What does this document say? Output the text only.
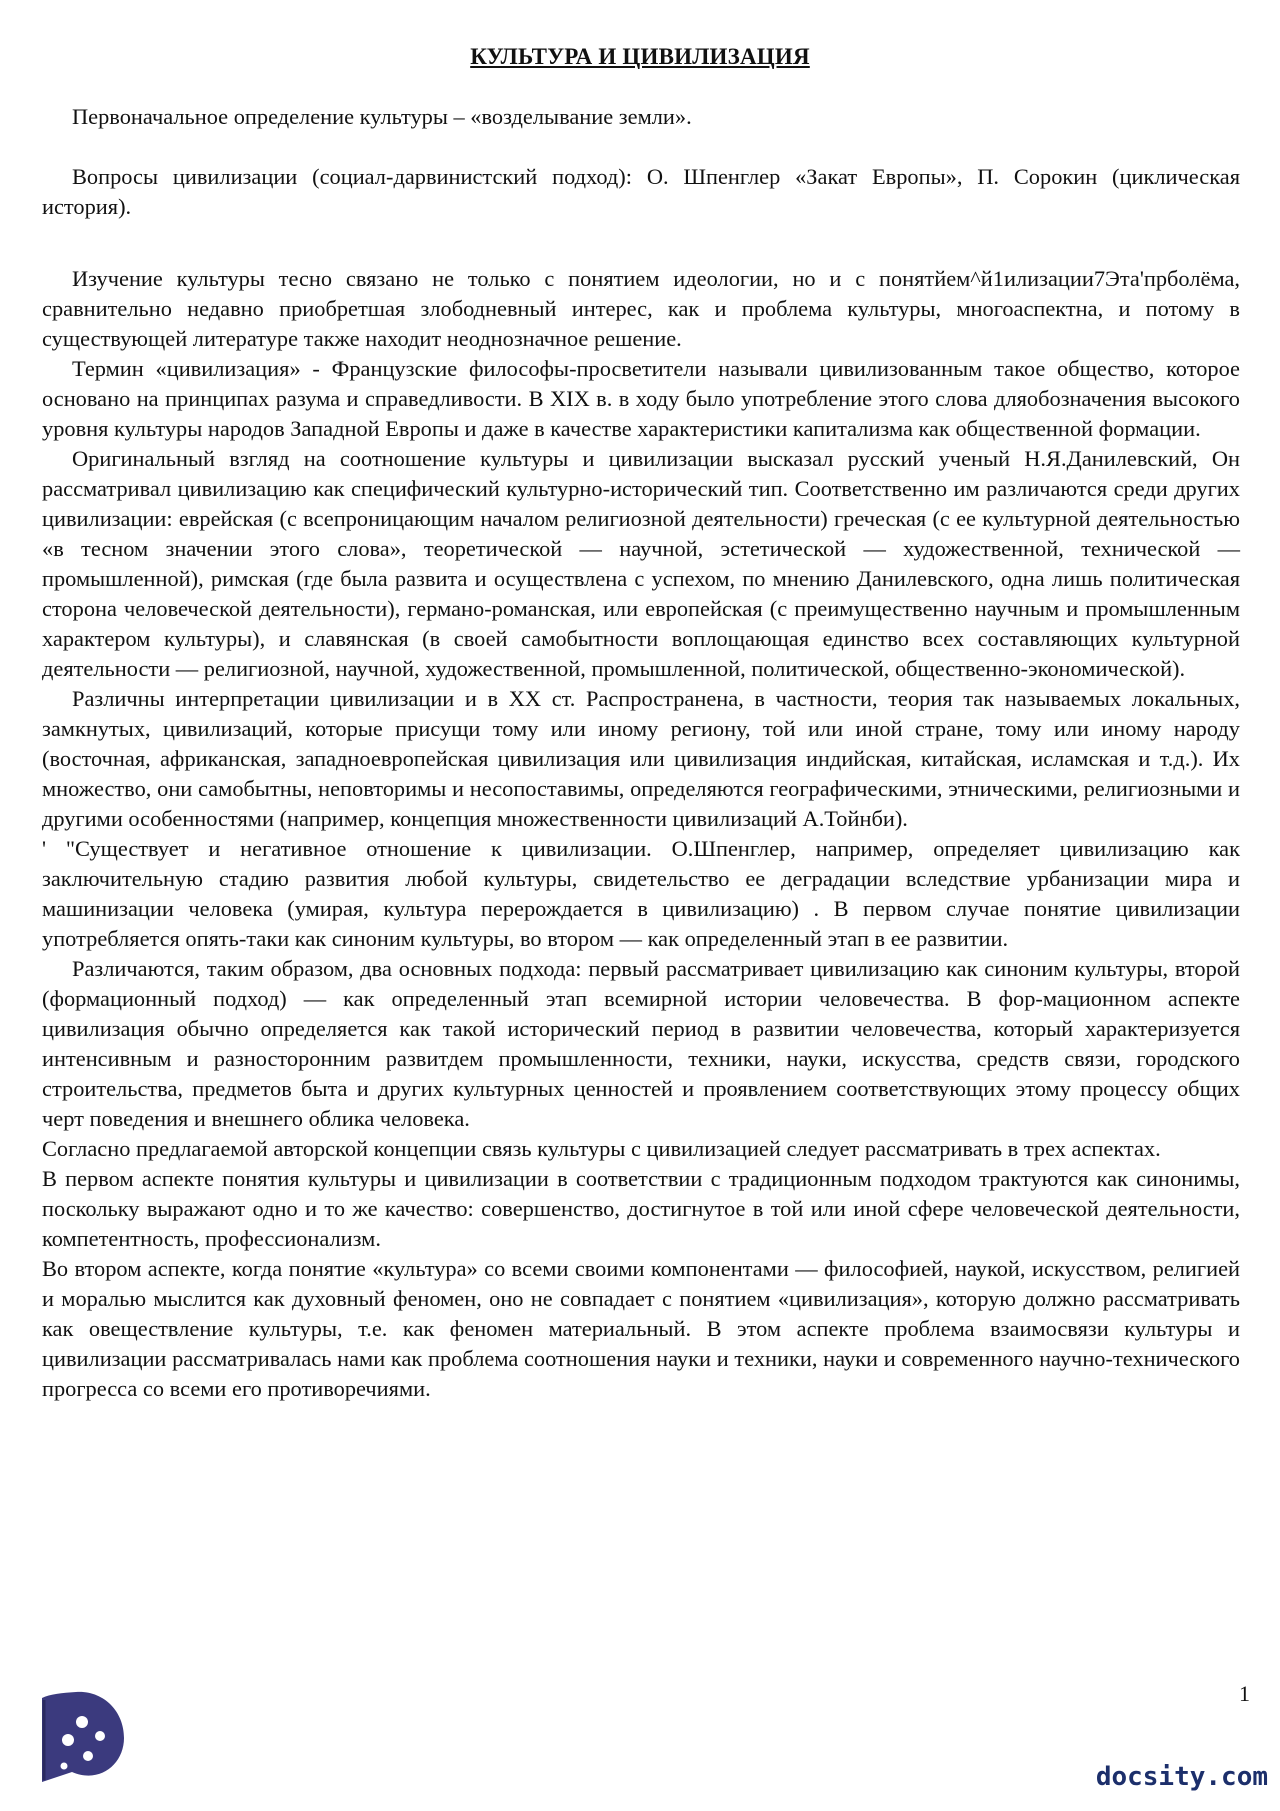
КУЛЬТУРА И ЦИВИЛИЗАЦИЯ

Первоначальное определение культуры – «возделывание земли».

Вопросы цивилизации (социал-дарвинистский подход): О. Шпенглер «Закат Европы», П. Сорокин (циклическая история).

Изучение культуры тесно связано не только с понятием идеологии, но и с понятйем^й1илизации7Эта'прболёма, сравнительно недавно приобретшая злободневный интерес, как и проблема культуры, многоаспектна, и потому в существующей литературе также находит неоднозначное решение.

Термин «цивилизация» - Французские философы-просветители называли цивилизованным такое общество, которое основано на принципах разума и справедливости. В XIX в. в ходу было употребление этого слова дляобозначения высокого уровня культуры народов Западной Европы и даже в качестве характеристики капитализма как общественной формации.

Оригинальный взгляд на соотношение культуры и цивилизации высказал русский ученый Н.Я.Данилевский, Он рассматривал цивилизацию как специфический культурно-исторический тип. Соответственно им различаются среди других цивилизации: еврейская (с всепроницающим началом религиозной деятельности) греческая (с ее культурной деятельностью «в тесном значении этого слова», теоретической — научной, эстетической — художественной, технической — промышленной), римская (где была развита и осуществлена с успехом, по мнению Данилевского, одна лишь политическая сторона человеческой деятельности), германо-романская, или европейская (с преимущественно научным и промышленным характером культуры), и славянская (в своей самобытности воплощающая единство всех составляющих культурной деятельности — религиозной, научной, художественной, промышленной, политической, общественно-экономической).

Различны интерпретации цивилизации и в XX ст. Распространена, в частности, теория так называемых локальных, замкнутых, цивилизаций, которые присущи тому или иному региону, той или иной стране, тому или иному народу (восточная, африканская, западноевропейская цивилизация или цивилизация индийская, китайская, исламская и т.д.). Их множество, они самобытны, неповторимы и несопоставимы, определяются географическими, этническими, религиозными и другими особенностями (например, концепция множественности цивилизаций А.Тойнби).

' "Существует и негативное отношение к цивилизации. О.Шпенглер, например, определяет цивилизацию как заключительную стадию развития любой культуры, свидетельство ее деградации вследствие урбанизации мира и машинизации человека (умирая, культура перерождается в цивилизацию) . В первом случае понятие цивилизации употребляется опять-таки как синоним культуры, во втором — как определенный этап в ее развитии.

Различаются, таким образом, два основных подхода: первый рассматривает цивилизацию как синоним культуры, второй (формационный подход) — как определенный этап всемирной истории человечества. В фор-мационном аспекте цивилизация обычно определяется как такой исторический период в развитии человечества, который характеризуется интенсивным и разносторонним развитдем промышленности, техники, науки, искусства, средств связи, городского строительства, предметов быта и других культурных ценностей и проявлением соответствующих этому процессу общих черт поведения и внешнего облика человека.

Согласно предлагаемой авторской концепции связь культуры с цивилизацией следует рассматривать в трех аспектах.

В первом аспекте понятия культуры и цивилизации в соответствии с традиционным подходом трактуются как синонимы, поскольку выражают одно и то же качество: совершенство, достигнутое в той или иной сфере человеческой деятельности, компетентность, профессионализм.

Во втором аспекте, когда понятие «культура» со всеми своими компонентами — философией, наукой, искусством, религией и моралью мыслится как духовный феномен, оно не совпадает с понятием «цивилизация», которую должно рассматривать как овеществление культуры, т.е. как феномен материальный. В этом аспекте проблема взаимосвязи культуры и цивилизации рассматривалась нами как проблема соотношения науки и техники, науки и современного научно-технического прогресса со всеми его противоречиями.

1
docsity.com
